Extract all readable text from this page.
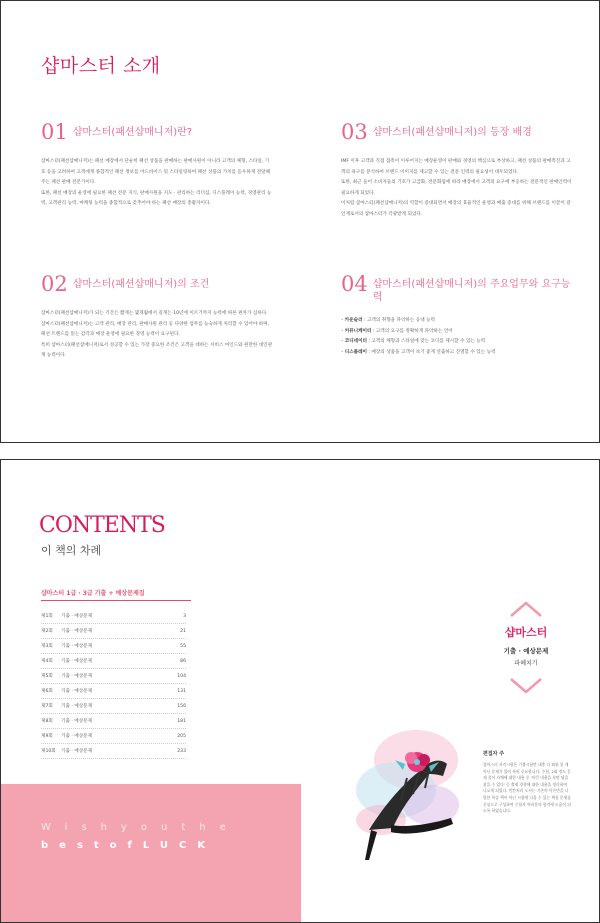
샵마스터 소개
01 샵마스터(패션샵매니저)란?

샵마스터(패션샵매니저)는 패션 매장에서 단순히 패션 상품을 판매하는 판매사원이 아니라 고객의 체형, 스타일, 기호 등을 고려하여 고객에게 종합적인 패션 정보를 어드바이스 및 스타일링하여 패션 상품의 가치를 돋우하게 전달해 주는 패션 판매 전문가이다.

또한, 패션 매장의 운영에 필요한 패션 전문 지식, 판매사원을 지도 · 관리하는 리더십, 디스플레이 능력, 경영관리 능력, 고객관리 능력, 마케팅 능력을 종합적으로 갖추어야 하는 패션 매장의 총괄자이다.

03 샵마스터(패션샵매니저)의 등장 배경

IMF 이후 고객과 직접 접촉이 이루어지는 매장운영이 판매와 경영의 핵심으로 부상하고, 패션 상품의 판매촉진과 고객의 욕구를 분석하여 브랜드 이미지를 제고할 수 있는 전문 인력의 필요성이 대두되었다.

또한, 최근 들어 소비자들의 기호가 고급화, 전문화됨에 따라 매장에서 고객의 요구에 부응하는 전문적인 판매인력이 필요하게 되었다.

이처럼 샵마스터(패션샵매니저)의 역할이 증대되면서 매장의 효율적인 운영과 매출 증대를 위해 브랜드를 이끌어 갈 인재로서의 샵마스터가 각광받게 되었다.

02 샵마스터(패션샵매니저)의 조건

샵마스터(패션샵매니저)가 되는 기간은 짧게는 몇개월에서 길게는 10년에 이르기까지 능력에 따른 편차가 심하다.

샵마스터(패션샵매니저)는 고객 관리, 매장 관리, 판매사원 관리 등 다양한 업무를 능숙하게 처리할 수 있어야 하며, 패션 트렌드를 읽는 감각과 매장 운영에 필요한 경영 능력이 요구된다.

특히 샵마스터(패션샵매니저)로서 성공할 수 있는 가장 중요한 조건은 고객을 대하는 서비스 마인드와 원만한 대인관계 능력이다.

04 샵마스터(패션샵매니저)의 주요업무와 요구능력
– 카운슬러 : 고객의 취향을 파악하는 응대 능력
– 커뮤니케이터 : 고객의 요구를 정확하게 파악하는 언어
– 코디네이터 : 고객의 체형과 스타일에 맞는 코디를 제시할 수 있는 능력
– 디스플레이 : 매장의 상품을 고객이 보기 좋게 연출하고 진열할 수 있는 능력
CONTENTS
이 책의 차례
샵마스터 1급 · 3급 기출 + 예상문제집
제1회	기출 · 예상문제	3
제2회	기출 · 예상문제	21
제3회	기출 · 예상문제	55
제4회	기출 · 예상문제	86
제5회	기출 · 예상문제	104
제6회	기출 · 예상문제	131
제7회	기출 · 예상문제	156
제8회	기출 · 예상문제	181
제9회	기출 · 예상문제	205
제10회	기출 · 예상문제	233
Wishyouthe
bestofLUCK
샵마스터
기출 · 예상문제
파헤치기
편집자 주
샵마스터 자격시험은 기출시험만 대충 다 외워 볼 게 아닌 문제가 있어 특히 중요합니다. 수험, 2회 정도 문제 풀이 자체에 대한 내용 중 '이런 내용을 보면 답을 찾을 수 있다' 등 출제 경향에 대한 내용을 정리하여 나오게 되었다. 빈칸처리 도서는 기존의 이론만을 나열한 학습 책이 아닌 시험에 나올 수 있는 핵심 문제를 중심으로 구성하여 수험자 여러분의 합격에 도움이 되도록 하였습니다.
